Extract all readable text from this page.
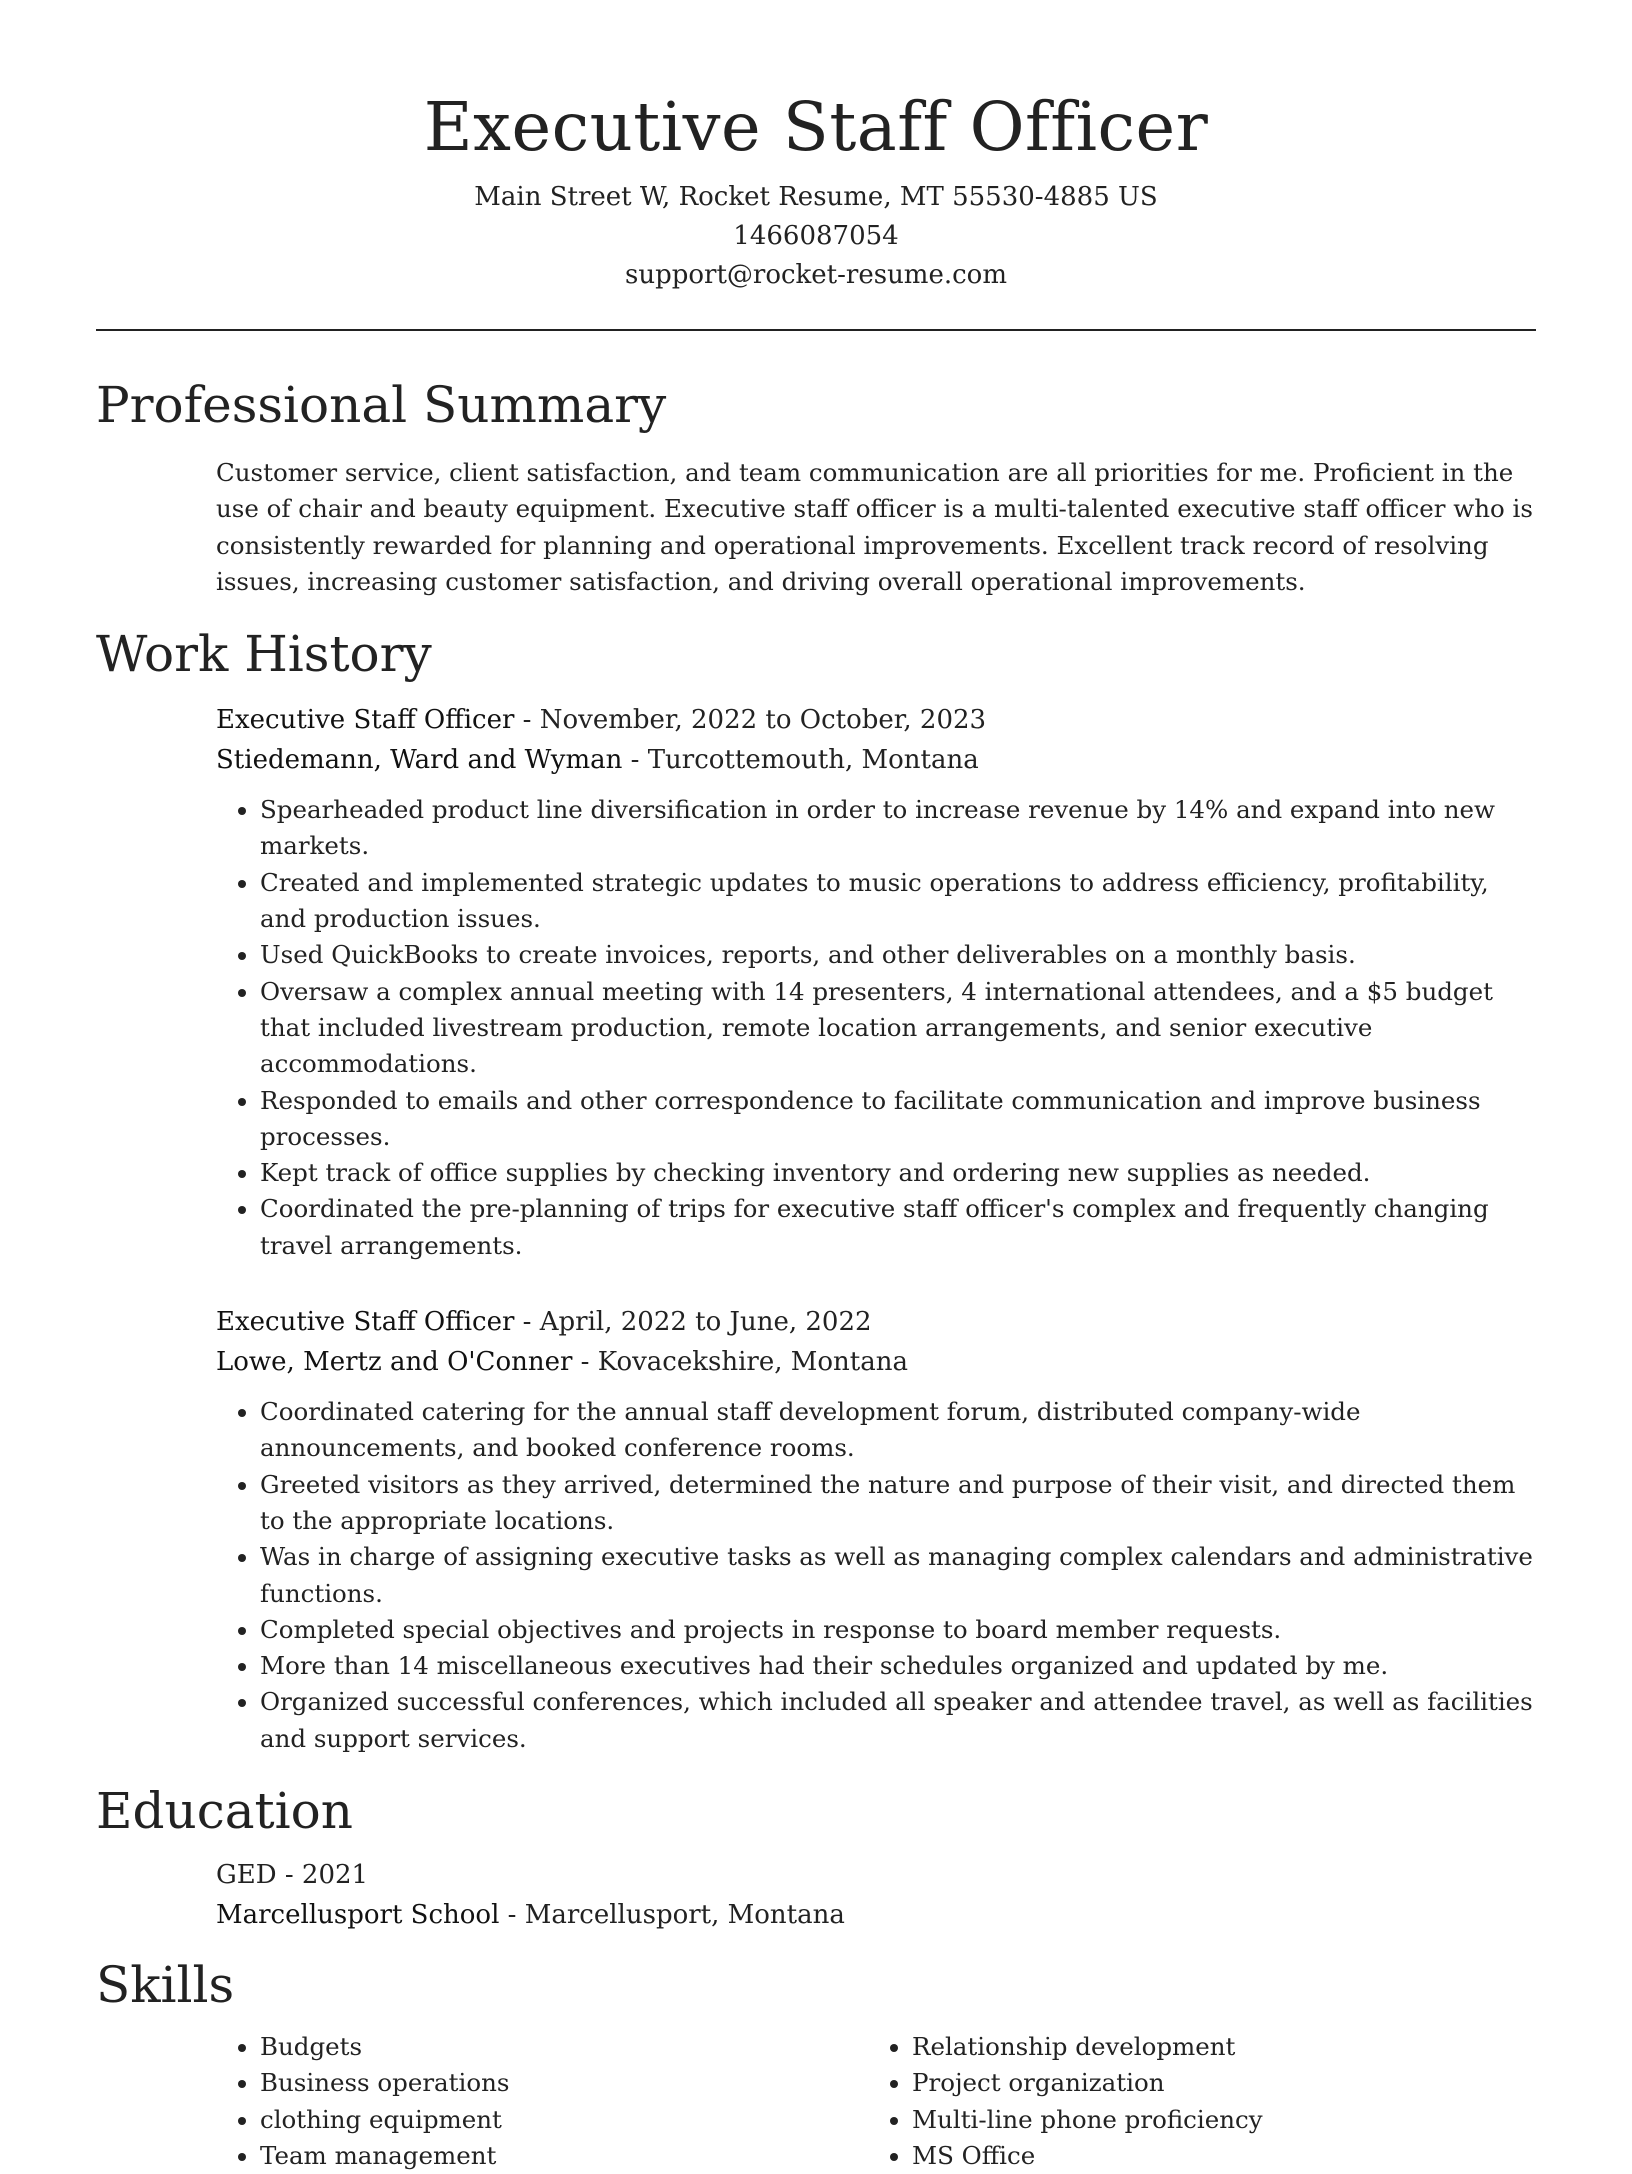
Executive Staff Officer
Main Street W, Rocket Resume, MT 55530-4885 US
1466087054
support@rocket-resume.com
Professional Summary
Customer service, client satisfaction, and team communication are all priorities for me. Proficient in the use of chair and beauty equipment. Executive staff officer is a multi-talented executive staff officer who is consistently rewarded for planning and operational improvements. Excellent track record of resolving issues, increasing customer satisfaction, and driving overall operational improvements.
Work History
Executive Staff Officer - November, 2022 to October, 2023
Stiedemann, Ward and Wyman - Turcottemouth, Montana
• Spearheaded product line diversification in order to increase revenue by 14% and expand into new markets.
• Created and implemented strategic updates to music operations to address efficiency, profitability, and production issues.
• Used QuickBooks to create invoices, reports, and other deliverables on a monthly basis.
• Oversaw a complex annual meeting with 14 presenters, 4 international attendees, and a $5 budget that included livestream production, remote location arrangements, and senior executive accommodations.
• Responded to emails and other correspondence to facilitate communication and improve business processes.
• Kept track of office supplies by checking inventory and ordering new supplies as needed.
• Coordinated the pre-planning of trips for executive staff officer's complex and frequently changing travel arrangements.
Executive Staff Officer - April, 2022 to June, 2022
Lowe, Mertz and O'Conner - Kovacekshire, Montana
• Coordinated catering for the annual staff development forum, distributed company-wide announcements, and booked conference rooms.
• Greeted visitors as they arrived, determined the nature and purpose of their visit, and directed them to the appropriate locations.
• Was in charge of assigning executive tasks as well as managing complex calendars and administrative functions.
• Completed special objectives and projects in response to board member requests.
• More than 14 miscellaneous executives had their schedules organized and updated by me.
• Organized successful conferences, which included all speaker and attendee travel, as well as facilities and support services.
Education
GED - 2021
Marcellusport School - Marcellusport, Montana
Skills
• Budgets
• Business operations
• clothing equipment
• Team management
• Relationship development
• Project organization
• Multi-line phone proficiency
• MS Office
